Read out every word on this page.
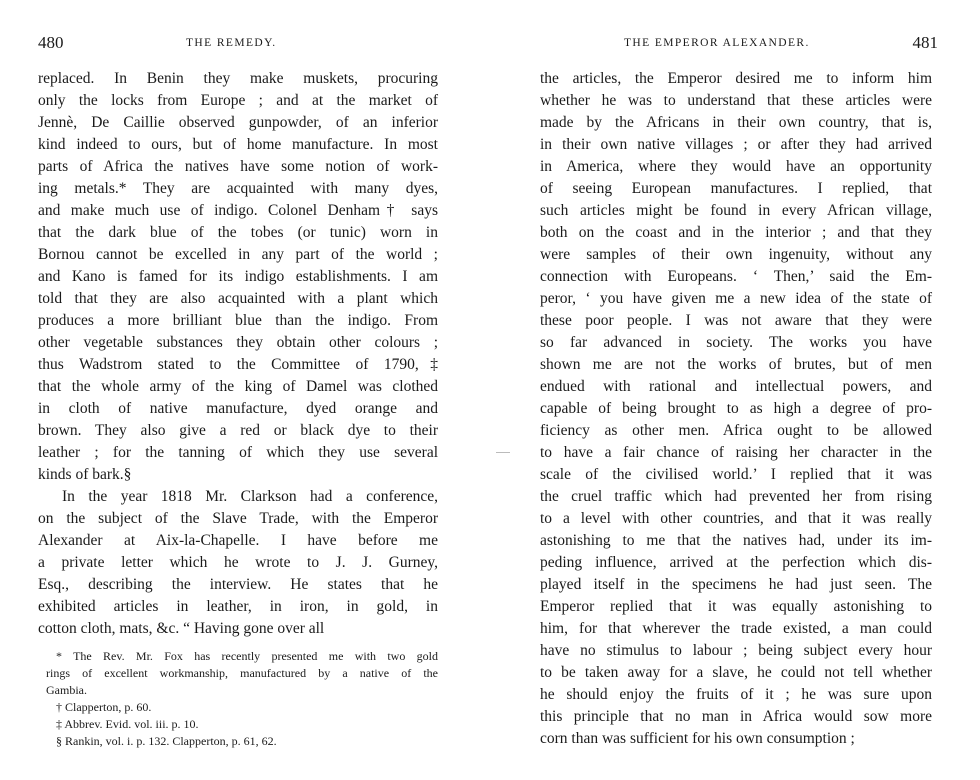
480	THE REMEDY.
replaced. In Benin they make muskets, procuring
only the locks from Europe ; and at the market of
Jennè, De Caillie observed gunpowder, of an inferior
kind indeed to ours, but of home manufacture. In most
parts of Africa the natives have some notion of work-
ing metals.* They are acquainted with many dyes,
and make much use of indigo. Colonel Denham† says
that the dark blue of the tobes (or tunic) worn in
Bornou cannot be excelled in any part of the world ;
and Kano is famed for its indigo establishments. I am
told that they are also acquainted with a plant which
produces a more brilliant blue than the indigo. From
other vegetable substances they obtain other colours ;
thus Wadstrom stated to the Committee of 1790,‡
that the whole army of the king of Damel was clothed
in cloth of native manufacture, dyed orange and
brown. They also give a red or black dye to their
leather ; for the tanning of which they use several
kinds of bark.§
In the year 1818 Mr. Clarkson had a conference,
on the subject of the Slave Trade, with the Emperor
Alexander at Aix-la-Chapelle. I have before me
a private letter which he wrote to J. J. Gurney,
Esq., describing the interview. He states that he
exhibited articles in leather, in iron, in gold, in
cotton cloth, mats, &c. “ Having gone over all
* The Rev. Mr. Fox has recently presented me with two gold
rings of excellent workmanship, manufactured by a native of the
Gambia.
† Clapperton, p. 60.
‡ Abbrev. Evid. vol. iii. p. 10.
§ Rankin, vol. i. p. 132. Clapperton, p. 61, 62.
THE EMPEROR ALEXANDER.	481
the articles, the Emperor desired me to inform him
whether he was to understand that these articles were
made by the Africans in their own country, that is,
in their own native villages ; or after they had arrived
in America, where they would have an opportunity
of seeing European manufactures. I replied, that
such articles might be found in every African village,
both on the coast and in the interior ; and that they
were samples of their own ingenuity, without any
connection with Europeans. ‘ Then,’ said the Em-
peror, ‘ you have given me a new idea of the state of
these poor people. I was not aware that they were
so far advanced in society. The works you have
shown me are not the works of brutes, but of men
endued with rational and intellectual powers, and
capable of being brought to as high a degree of pro-
ficiency as other men. Africa ought to be allowed
to have a fair chance of raising her character in the
scale of the civilised world.’ I replied that it was
the cruel traffic which had prevented her from rising
to a level with other countries, and that it was really
astonishing to me that the natives had, under its im-
peding influence, arrived at the perfection which dis-
played itself in the specimens he had just seen. The
Emperor replied that it was equally astonishing to
him, for that wherever the trade existed, a man could
have no stimulus to labour ; being subject every hour
to be taken away for a slave, he could not tell whether
he should enjoy the fruits of it ; he was sure upon
this principle that no man in Africa would sow more
corn than was sufficient for his own consumption ;
